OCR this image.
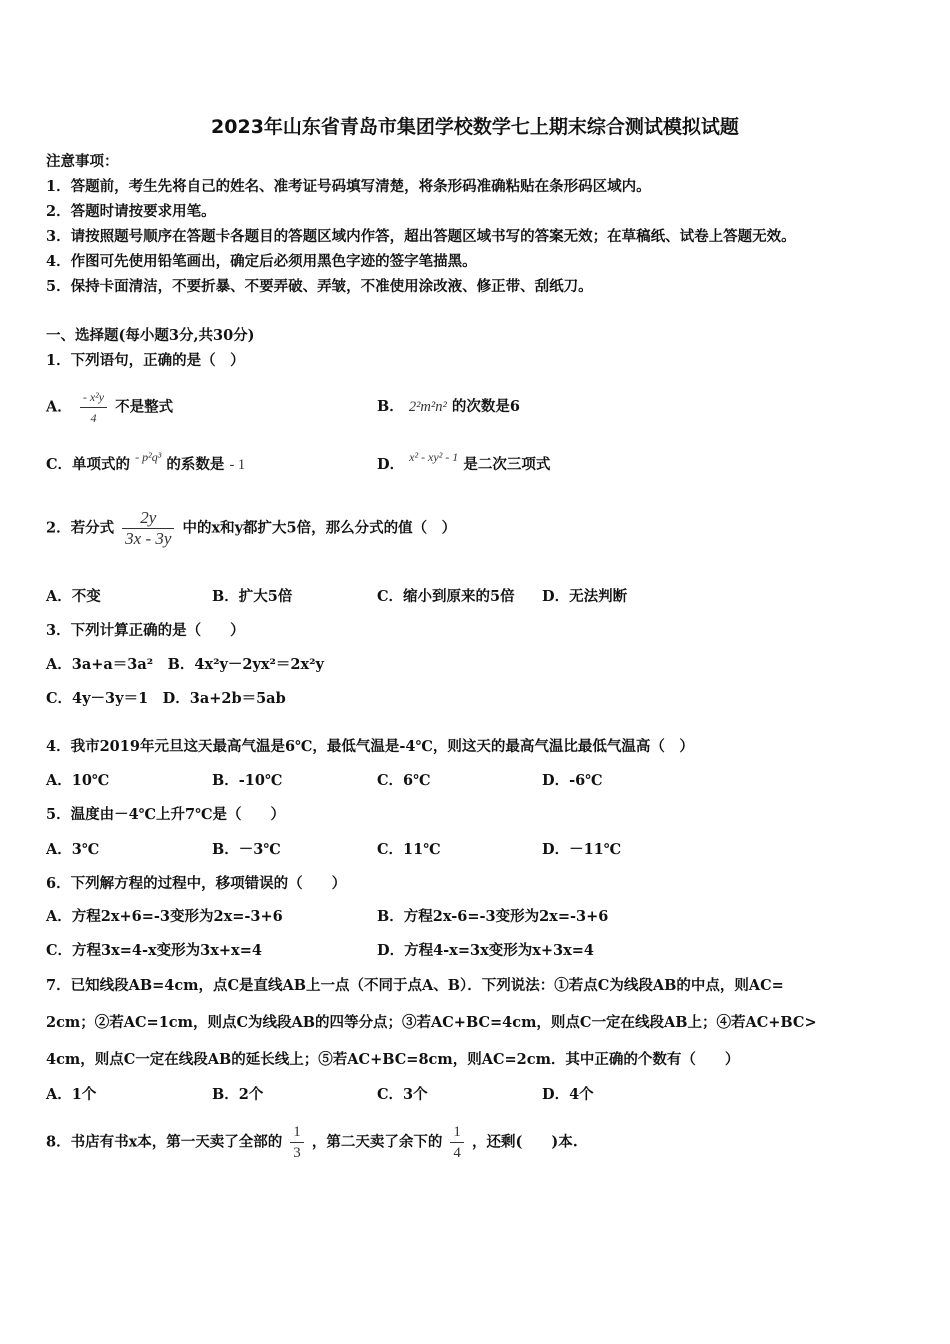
2023年山东省青岛市集团学校数学七上期末综合测试模拟试题
注意事项：
1．答题前，考生先将自己的姓名、准考证号码填写清楚，将条形码准确粘贴在条形码区域内。
2．答题时请按要求用笔。
3．请按照题号顺序在答题卡各题目的答题区域内作答，超出答题区域书写的答案无效；在草稿纸、试卷上答题无效。
4．作图可先使用铅笔画出，确定后必须用黑色字迹的签字笔描黑。
5．保持卡面清洁，不要折暴、不要弄破、弄皱，不准使用涂改液、修正带、刮纸刀。
一、选择题(每小题3分,共30分)
1．下列语句，正确的是（　）
A． $\frac{\text{- x²y}}{4}$ 不是整式	B． 2²m²n² 的次数是6
C．单项式的 $^{- p^2q^3}$ 的系数是 - 1	D． $^{x^2 - xy^2 - 1}$ 是二次三项式
2．若分式 $\frac{2y}{3x - 3y}$ 中的x和y都扩大5倍，那么分式的值（　）
A．不变	B．扩大5倍	C．缩小到原来的5倍 D．无法判断
3．下列计算正确的是（　　）
A．3a+a＝3a²　B．4x²y－2yx²＝2x²y
C．4y－3y＝1　D．3a+2b＝5ab
4．我市2019年元旦这天最高气温是6℃，最低气温是-4℃，则这天的最高气温比最低气温高（　）
A．10℃	B．-10℃	C．6℃	D．-6℃
5．温度由－4℃上升7℃是（　　）
A．3℃	B．－3℃	C．11℃	D．－11℃
6．下列解方程的过程中，移项错误的（　　）
A．方程2x+6=-3变形为2x=-3+6	B．方程2x-6=-3变形为2x=-3+6
C．方程3x=4-x变形为3x+x=4	D．方程4-x=3x变形为x+3x=4
7．已知线段AB=4cm，点C是直线AB上一点（不同于点A、B）．下列说法：①若点C为线段AB的中点，则AC=
2cm；②若AC=1cm，则点C为线段AB的四等分点；③若AC+BC=4cm，则点C一定在线段AB上；④若AC+BC>
4cm，则点C一定在线段AB的延长线上；⑤若AC+BC=8cm，则AC=2cm．其中正确的个数有（　　）
A．1个	B．2个	C．3个	D．4个
8．书店有书x本，第一天卖了全部的 $\frac{1}{3}$ ，第二天卖了余下的 $\frac{1}{4}$ ，还剩(　　)本.
